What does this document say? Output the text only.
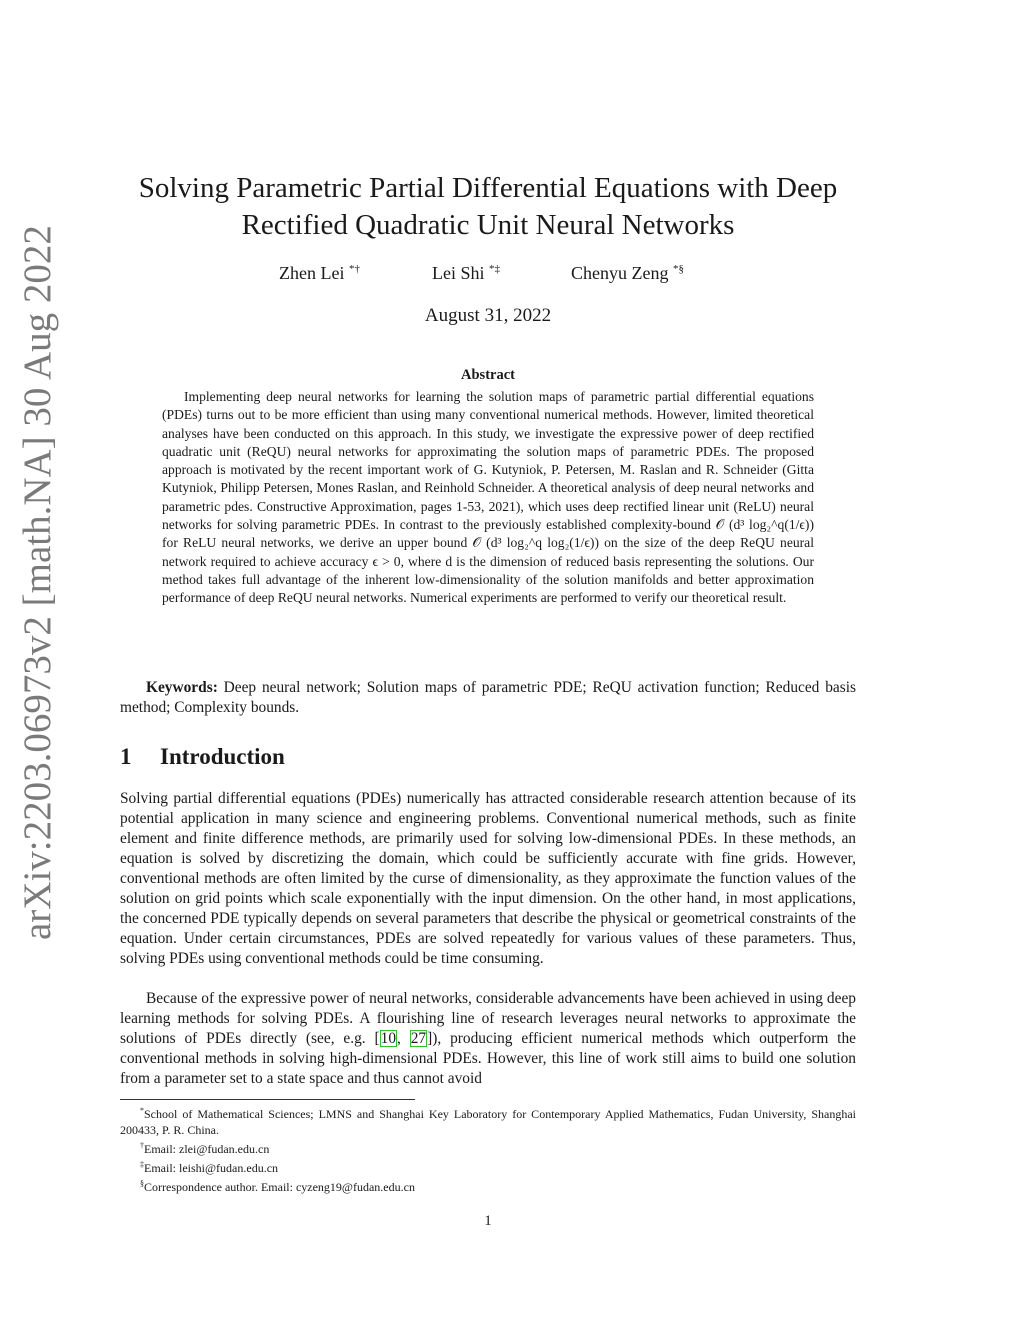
arXiv:2203.06973v2 [math.NA] 30 Aug 2022
Solving Parametric Partial Differential Equations with Deep Rectified Quadratic Unit Neural Networks
Zhen Lei *†	Lei Shi *‡	Chenyu Zeng *§
August 31, 2022
Abstract

Implementing deep neural networks for learning the solution maps of parametric partial differential equations (PDEs) turns out to be more efficient than using many conventional numerical methods. However, limited theoretical analyses have been conducted on this approach. In this study, we investigate the expressive power of deep rectified quadratic unit (ReQU) neural networks for approximating the solution maps of parametric PDEs. The proposed approach is motivated by the recent important work of G. Kutyniok, P. Petersen, M. Raslan and R. Schneider (Gitta Kutyniok, Philipp Petersen, Mones Raslan, and Reinhold Schneider. A theoretical analysis of deep neural networks and parametric pdes. Constructive Approximation, pages 1-53, 2021), which uses deep rectified linear unit (ReLU) neural networks for solving parametric PDEs. In contrast to the previously established complexity-bound 𝒪 (d³ log₂^q(1/ϵ)) for ReLU neural networks, we derive an upper bound 𝒪 (d³ log₂^q log₂(1/ϵ)) on the size of the deep ReQU neural network required to achieve accuracy ϵ > 0, where d is the dimension of reduced basis representing the solutions. Our method takes full advantage of the inherent low-dimensionality of the solution manifolds and better approximation performance of deep ReQU neural networks. Numerical experiments are performed to verify our theoretical result.

Keywords: Deep neural network; Solution maps of parametric PDE; ReQU activation function; Reduced basis method; Complexity bounds.

1 Introduction

Solving partial differential equations (PDEs) numerically has attracted considerable research attention because of its potential application in many science and engineering problems. Conventional numerical methods, such as finite element and finite difference methods, are primarily used for solving low-dimensional PDEs. In these methods, an equation is solved by discretizing the domain, which could be sufficiently accurate with fine grids. However, conventional methods are often limited by the curse of dimensionality, as they approximate the function values of the solution on grid points which scale exponentially with the input dimension. On the other hand, in most applications, the concerned PDE typically depends on several parameters that describe the physical or geometrical constraints of the equation. Under certain circumstances, PDEs are solved repeatedly for various values of these parameters. Thus, solving PDEs using conventional methods could be time consuming.

Because of the expressive power of neural networks, considerable advancements have been achieved in using deep learning methods for solving PDEs. A flourishing line of research leverages neural networks to approximate the solutions of PDEs directly (see, e.g. [10, 27]), producing efficient numerical methods which outperform the conventional methods in solving high-dimensional PDEs. However, this line of work still aims to build one solution from a parameter set to a state space and thus cannot avoid

*School of Mathematical Sciences; LMNS and Shanghai Key Laboratory for Contemporary Applied Mathematics, Fudan University, Shanghai 200433, P. R. China.

†Email: zlei@fudan.edu.cn

‡Email: leishi@fudan.edu.cn

§Correspondence author. Email: cyzeng19@fudan.edu.cn

1
